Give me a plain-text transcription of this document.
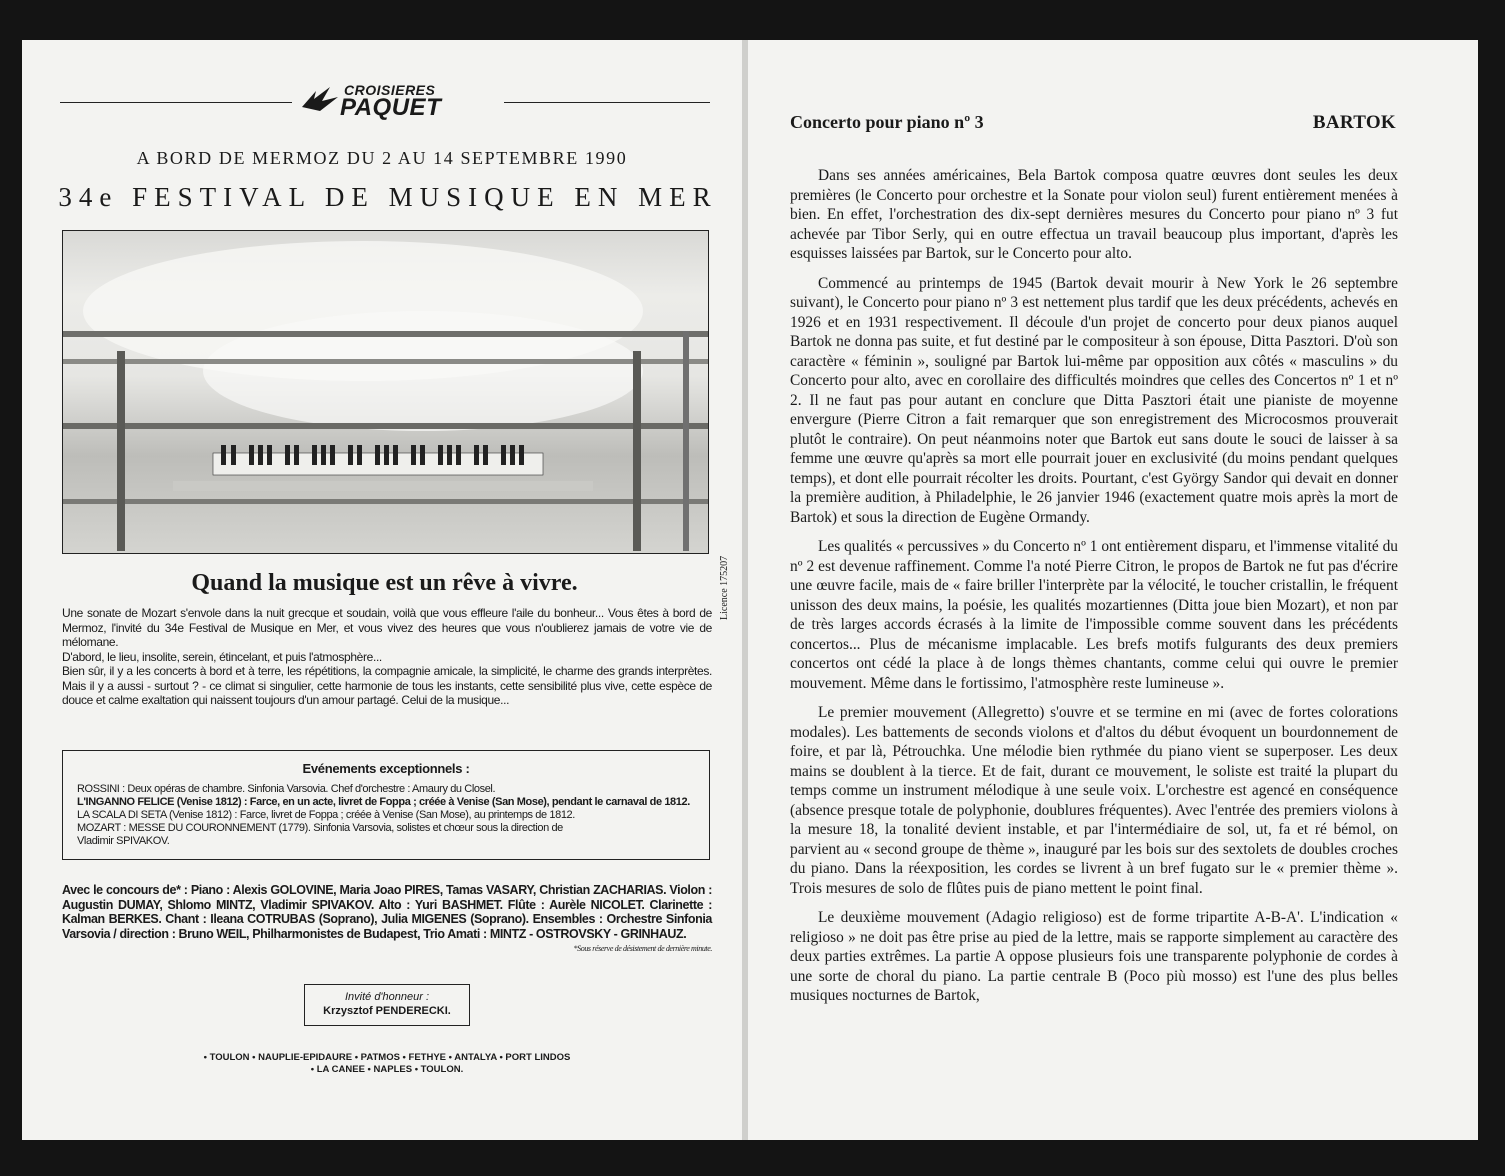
CROISIERES
PAQUET
A BORD DE MERMOZ DU 2 AU 14 SEPTEMBRE 1990
34e FESTIVAL DE MUSIQUE EN MER
Licence 175207
Quand la musique est un rêve à vivre.

Une sonate de Mozart s'envole dans la nuit grecque et soudain, voilà que vous effleure l'aile du bonheur... Vous êtes à bord de Mermoz, l'invité du 34e Festival de Musique en Mer, et vous vivez des heures que vous n'oublierez jamais de votre vie de mélomane.

D'abord, le lieu, insolite, serein, étincelant, et puis l'atmosphère...

Bien sûr, il y a les concerts à bord et à terre, les répétitions, la compagnie amicale, la simplicité, le charme des grands interprètes. Mais il y a aussi - surtout ? - ce climat si singulier, cette harmonie de tous les instants, cette sensibilité plus vive, cette espèce de douce et calme exaltation qui naissent toujours d'un amour partagé. Celui de la musique...

Evénements exceptionnels :
ROSSINI : Deux opéras de chambre. Sinfonia Varsovia. Chef d'orchestre : Amaury du Closel.
L'INGANNO FELICE (Venise 1812) : Farce, en un acte, livret de Foppa ; créée à Venise (San Mose), pendant le carnaval de 1812.
LA SCALA DI SETA (Venise 1812) : Farce, livret de Foppa ; créée à Venise (San Mose), au printemps de 1812.
MOZART : MESSE DU COURONNEMENT (1779). Sinfonia Varsovia, solistes et chœur sous la direction de
Vladimir SPIVAKOV.

Avec le concours de* : Piano : Alexis GOLOVINE, Maria Joao PIRES, Tamas VASARY, Christian ZACHARIAS. Violon : Augustin DUMAY, Shlomo MINTZ, Vladimir SPIVAKOV. Alto : Yuri BASHMET. Flûte : Aurèle NICOLET. Clarinette : Kalman BERKES. Chant : Ileana COTRUBAS (Soprano), Julia MIGENES (Soprano). Ensembles : Orchestre Sinfonia Varsovia / direction : Bruno WEIL, Philharmonistes de Budapest, Trio Amati : MINTZ - OSTROVSKY - GRINHAUZ.

*Sous réserve de désistement de dernière minute.
Invité d'honneur :
Krzysztof PENDERECKI.
• TOULON • NAUPLIE-EPIDAURE • PATMOS • FETHYE • ANTALYA • PORT LINDOS
• LA CANEE • NAPLES • TOULON.
Concerto pour piano nº 3	BARTOK

Dans ses années américaines, Bela Bartok composa quatre œuvres dont seules les deux premières (le Concerto pour orchestre et la Sonate pour violon seul) furent entièrement menées à bien. En effet, l'orchestration des dix-sept dernières mesures du Concerto pour piano nº 3 fut achevée par Tibor Serly, qui en outre effectua un travail beaucoup plus important, d'après les esquisses laissées par Bartok, sur le Concerto pour alto.

Commencé au printemps de 1945 (Bartok devait mourir à New York le 26 septembre suivant), le Concerto pour piano nº 3 est nettement plus tardif que les deux précédents, achevés en 1926 et en 1931 respectivement. Il découle d'un projet de concerto pour deux pianos auquel Bartok ne donna pas suite, et fut destiné par le compositeur à son épouse, Ditta Pasztori. D'où son caractère « féminin », souligné par Bartok lui-même par opposition aux côtés « masculins » du Concerto pour alto, avec en corollaire des difficultés moindres que celles des Concertos nº 1 et nº 2. Il ne faut pas pour autant en conclure que Ditta Pasztori était une pianiste de moyenne envergure (Pierre Citron a fait remarquer que son enregistrement des Microcosmos prouverait plutôt le contraire). On peut néanmoins noter que Bartok eut sans doute le souci de laisser à sa femme une œuvre qu'après sa mort elle pourrait jouer en exclusivité (du moins pendant quelques temps), et dont elle pourrait récolter les droits. Pourtant, c'est György Sandor qui devait en donner la première audition, à Philadelphie, le 26 janvier 1946 (exactement quatre mois après la mort de Bartok) et sous la direction de Eugène Ormandy.

Les qualités « percussives » du Concerto nº 1 ont entièrement disparu, et l'immense vitalité du nº 2 est devenue raffinement. Comme l'a noté Pierre Citron, le propos de Bartok ne fut pas d'écrire une œuvre facile, mais de « faire briller l'interprète par la vélocité, le toucher cristallin, le fréquent unisson des deux mains, la poésie, les qualités mozartiennes (Ditta joue bien Mozart), et non par de très larges accords écrasés à la limite de l'impossible comme souvent dans les précédents concertos... Plus de mécanisme implacable. Les brefs motifs fulgurants des deux premiers concertos ont cédé la place à de longs thèmes chantants, comme celui qui ouvre le premier mouvement. Même dans le fortissimo, l'atmosphère reste lumineuse ».

Le premier mouvement (Allegretto) s'ouvre et se termine en mi (avec de fortes colorations modales). Les battements de seconds violons et d'altos du début évoquent un bourdonnement de foire, et par là, Pétrouchka. Une mélodie bien rythmée du piano vient se superposer. Les deux mains se doublent à la tierce. Et de fait, durant ce mouvement, le soliste est traité la plupart du temps comme un instrument mélodique à une seule voix. L'orchestre est agencé en conséquence (absence presque totale de polyphonie, doublures fréquentes). Avec l'entrée des premiers violons à la mesure 18, la tonalité devient instable, et par l'intermédiaire de sol, ut, fa et ré bémol, on parvient au « second groupe de thème », inauguré par les bois sur des sextolets de doubles croches du piano. Dans la réexposition, les cordes se livrent à un bref fugato sur le « premier thème ». Trois mesures de solo de flûtes puis de piano mettent le point final.

Le deuxième mouvement (Adagio religioso) est de forme tripartite A-B-A'. L'indication « religioso » ne doit pas être prise au pied de la lettre, mais se rapporte simplement au caractère des deux parties extrêmes. La partie A oppose plusieurs fois une transparente polyphonie de cordes à une sorte de choral du piano. La partie centrale B (Poco più mosso) est l'une des plus belles musiques nocturnes de Bartok,
